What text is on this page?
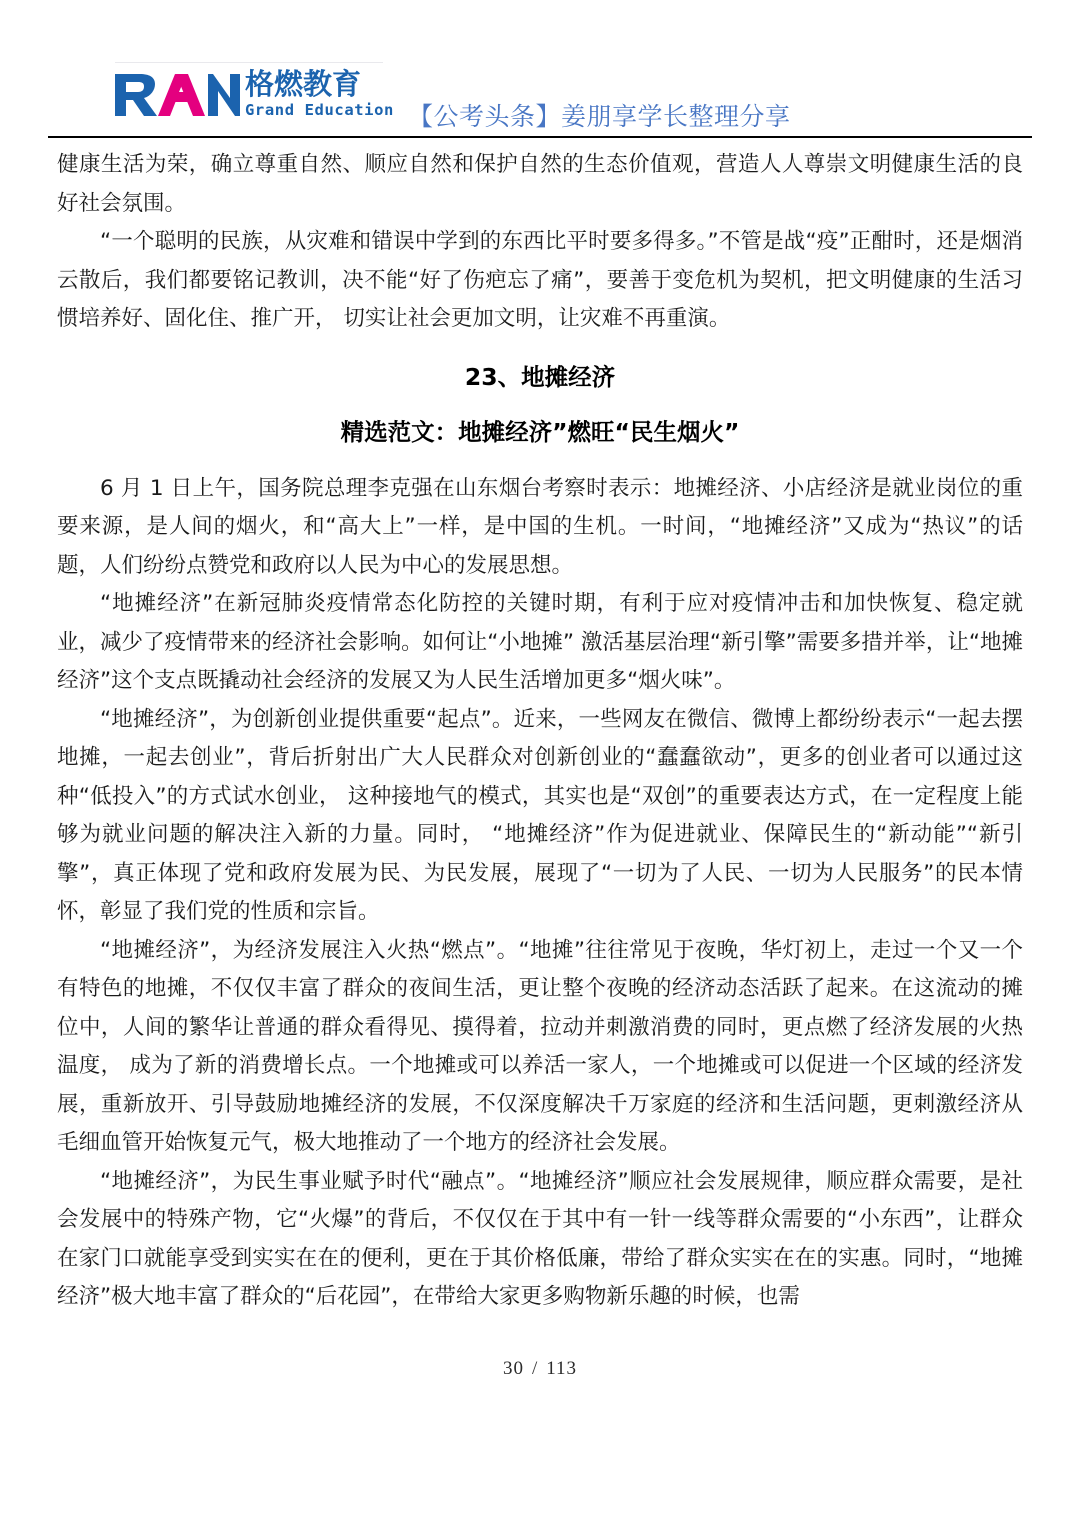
格燃教育
Grand Education 【公考头条】姜朋享学长整理分享

健康生活为荣，确立尊重自然、顺应自然和保护自然的生态价值观，营造人人尊崇文明健康生活的良好社会氛围。

“一个聪明的民族，从灾难和错误中学到的东西比平时要多得多。”不管是战“疫”正酣时，还是烟消云散后，我们都要铭记教训，决不能“好了伤疤忘了痛”，要善于变危机为契机，把文明健康的生活习惯培养好、固化住、推广开， 切实让社会更加文明，让灾难不再重演。

23、地摊经济
精选范文：地摊经济”燃旺“民生烟火”

6 月 1 日上午，国务院总理李克强在山东烟台考察时表示：地摊经济、小店经济是就业岗位的重要来源，是人间的烟火，和“高大上”一样，是中国的生机。一时间，“地摊经济”又成为“热议”的话题，人们纷纷点赞党和政府以人民为中心的发展思想。

“地摊经济”在新冠肺炎疫情常态化防控的关键时期，有利于应对疫情冲击和加快恢复、稳定就业，减少了疫情带来的经济社会影响。如何让“小地摊” 激活基层治理“新引擎”需要多措并举，让“地摊经济”这个支点既撬动社会经济的发展又为人民生活增加更多“烟火味”。

“地摊经济”，为创新创业提供重要“起点”。近来，一些网友在微信、微博上都纷纷表示“一起去摆地摊，一起去创业”，背后折射出广大人民群众对创新创业的“蠢蠢欲动”，更多的创业者可以通过这种“低投入”的方式试水创业， 这种接地气的模式，其实也是“双创”的重要表达方式，在一定程度上能够为就业问题的解决注入新的力量。同时， “地摊经济”作为促进就业、保障民生的“新动能”“新引擎”，真正体现了党和政府发展为民、为民发展，展现了“一切为了人民、一切为人民服务”的民本情怀，彰显了我们党的性质和宗旨。

“地摊经济”，为经济发展注入火热“燃点”。“地摊”往往常见于夜晚，华灯初上，走过一个又一个有特色的地摊，不仅仅丰富了群众的夜间生活，更让整个夜晚的经济动态活跃了起来。在这流动的摊位中，人间的繁华让普通的群众看得见、摸得着，拉动并刺激消费的同时，更点燃了经济发展的火热温度， 成为了新的消费增长点。一个地摊或可以养活一家人，一个地摊或可以促进一个区域的经济发展，重新放开、引导鼓励地摊经济的发展，不仅深度解决千万家庭的经济和生活问题，更刺激经济从毛细血管开始恢复元气，极大地推动了一个地方的经济社会发展。

“地摊经济”，为民生事业赋予时代“融点”。“地摊经济”顺应社会发展规律，顺应群众需要，是社会发展中的特殊产物，它“火爆”的背后，不仅仅在于其中有一针一线等群众需要的“小东西”，让群众在家门口就能享受到实实在在的便利，更在于其价格低廉，带给了群众实实在在的实惠。同时，“地摊经济”极大地丰富了群众的“后花园”，在带给大家更多购物新乐趣的时候，也需

30 / 113
